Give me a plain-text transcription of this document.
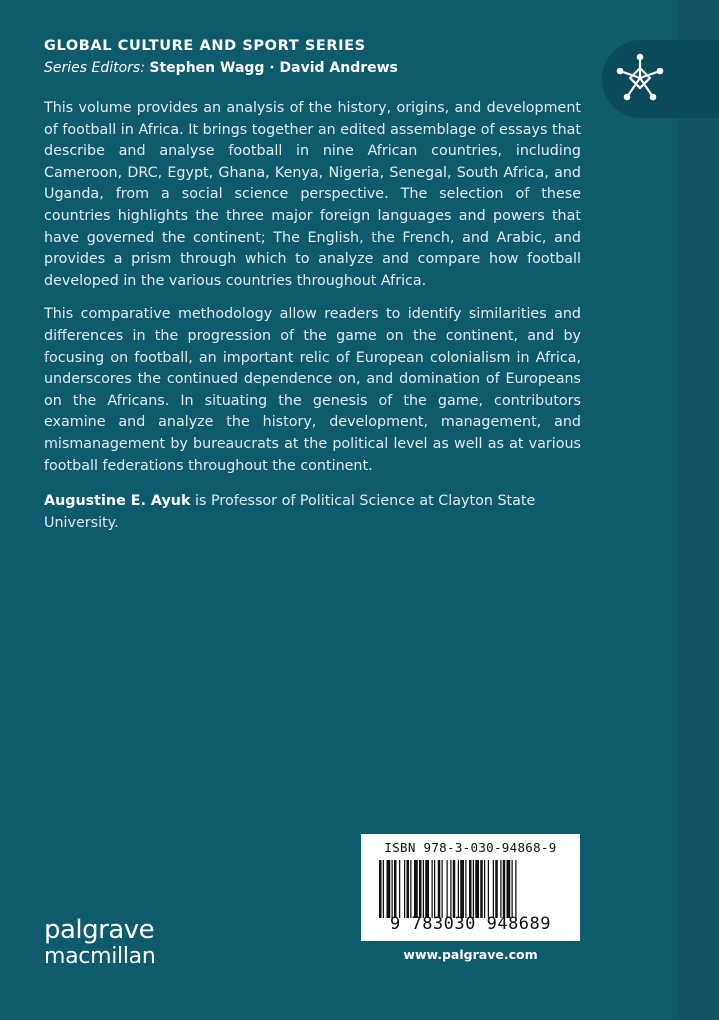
GLOBAL CULTURE AND SPORT SERIES
Series Editors: Stephen Wagg · David Andrews

This volume provides an analysis of the history, origins, and development of football in Africa. It brings together an edited assemblage of essays that describe and analyse football in nine African countries, including Cameroon, DRC, Egypt, Ghana, Kenya, Nigeria, Senegal, South Africa, and Uganda, from a social science perspective. The selection of these countries highlights the three major foreign languages and powers that have governed the continent; The English, the French, and Arabic, and provides a prism through which to analyze and compare how football developed in the various countries throughout Africa.

This comparative methodology allow readers to identify similarities and differences in the progression of the game on the continent, and by focusing on football, an important relic of European colonialism in Africa, underscores the continued dependence on, and domination of Europeans on the Africans. In situating the genesis of the game, contributors examine and analyze the history, development, management, and mismanagement by bureaucrats at the political level as well as at various football federations throughout the continent.

Augustine E. Ayuk is Professor of Political Science at Clayton State University.

ISBN 978-3-030-94868-9
9 783030 948689
www.palgrave.com
palgrave
macmillan
